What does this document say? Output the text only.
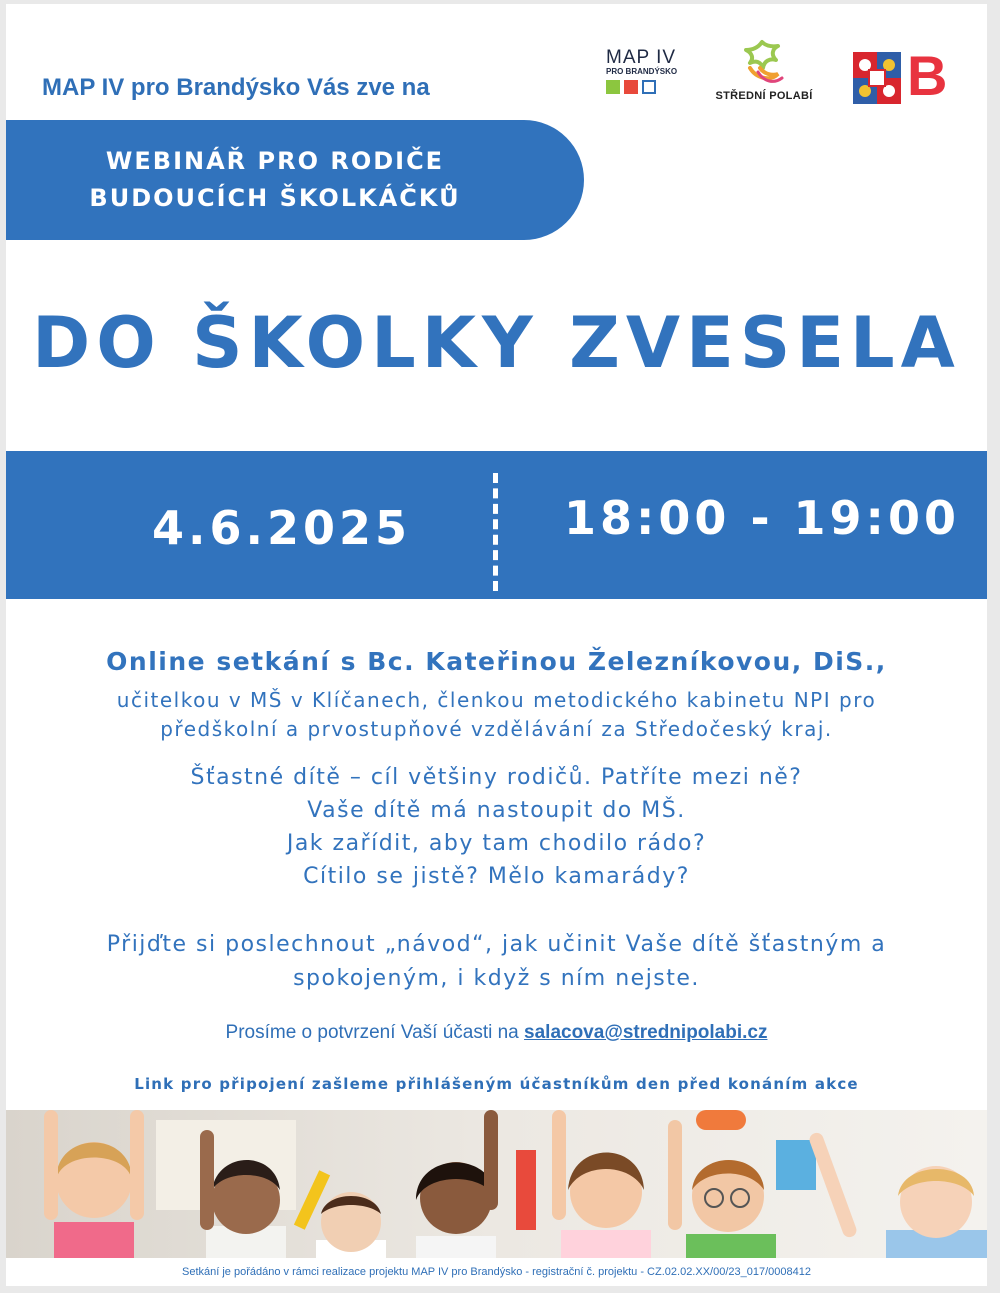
MAP IV pro Brandýsko Vás zve na
MAP IV
PRO BRANDÝSKO
STŘEDNÍ POLABÍ B
WEBINÁŘ PRO RODIČE
BUDOUCÍCH ŠKOLKÁČKŮ
DO ŠKOLKY ZVESELA
4.6.2025	18:00 - 19:00
Online setkání s Bc. Kateřinou Železníkovou, DiS.,
učitelkou v MŠ v Klíčanech, členkou metodického kabinetu NPI pro
předškolní a prvostupňové vzdělávání za Středočeský kraj.
Šťastné dítě – cíl většiny rodičů. Patříte mezi ně?
Vaše dítě má nastoupit do MŠ.
Jak zařídit, aby tam chodilo rádo?
Cítilo se jistě? Mělo kamarády?
Přijďte si poslechnout „návod“, jak učinit Vaše dítě šťastným a
spokojeným, i když s ním nejste.
Prosíme o potvrzení Vaší účasti na salacova@strednipolabi.cz
Link pro připojení zašleme přihlášeným účastníkům den před konáním akce
Setkání je pořádáno v rámci realizace projektu MAP IV pro Brandýsko - registrační č. projektu - CZ.02.02.XX/00/23_017/0008412
